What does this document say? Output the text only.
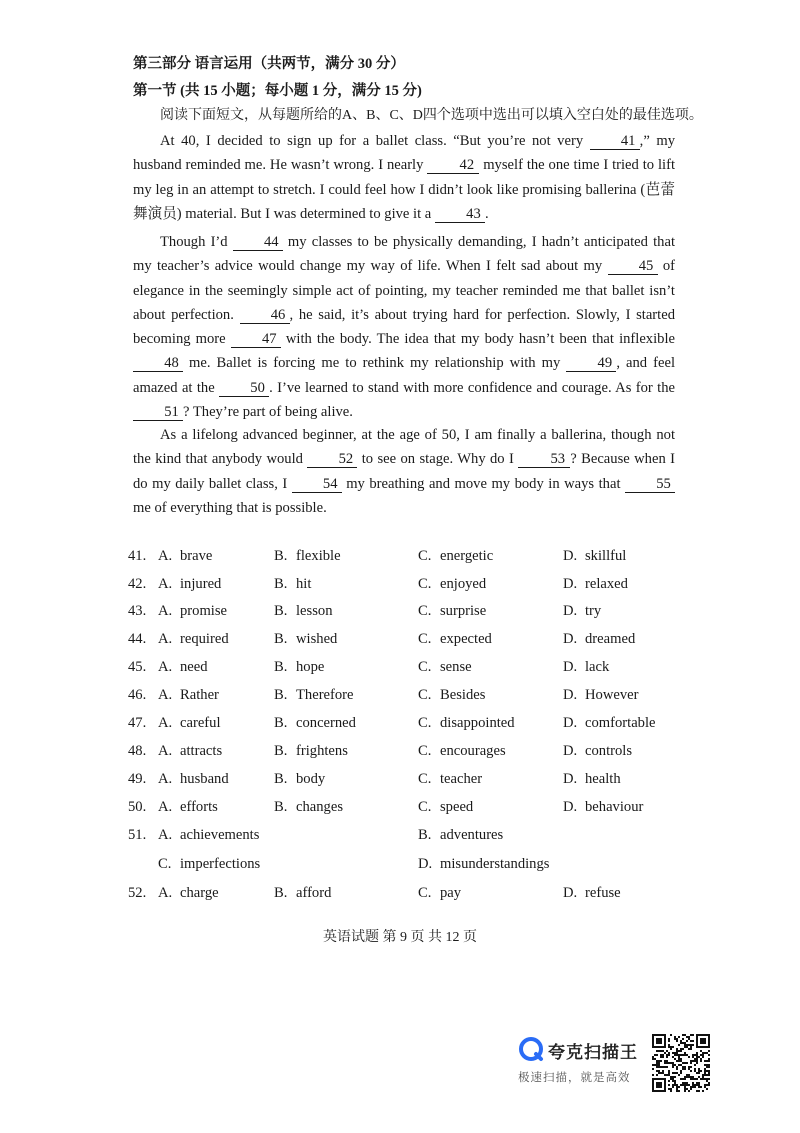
第三部分 语言运用（共两节，满分 30 分）
第一节 (共 15 小题；每小题 1 分，满分 15 分)
阅读下面短文，从每题所给的A、B、C、D四个选项中选出可以填入空白处的最佳选项。

At 40, I decided to sign up for a ballet class. “But you’re not very 41 ,” my husband reminded me. He wasn’t wrong. I nearly 42 myself the one time I tried to lift my leg in an attempt to stretch. I could feel how I didn’t look like promising ballerina (芭蕾舞演员) material. But I was determined to give it a 43 .

Though I’d 44 my classes to be physically demanding, I hadn’t anticipated that my teacher’s advice would change my way of life. When I felt sad about my 45 of elegance in the seemingly simple act of pointing, my teacher reminded me that ballet isn’t about perfection. 46 , he said, it’s about trying hard for perfection. Slowly, I started becoming more 47 with the body. The idea that my body hasn’t been that inflexible 48 me. Ballet is forcing me to rethink my relationship with my 49 , and feel amazed at the 50 . I’ve learned to stand with more confidence and courage. As for the 51 ? They’re part of being alive.

As a lifelong advanced beginner, at the age of 50, I am finally a ballerina, though not the kind that anybody would 52 to see on stage. Why do I 53 ? Because when I do my daily ballet class, I 54 my breathing and move my body in ways that 55 me of everything that is possible.

41. A. brave	B. flexible	C. energetic	D. skillful
42. A. injured	B. hit	C. enjoyed	D. relaxed
43. A. promise	B. lesson	C. surprise	D. try
44. A. required	B. wished	C. expected	D. dreamed
45. A. need	B. hope	C. sense	D. lack
46. A. Rather	B. Therefore	C. Besides	D. However
47. A. careful	B. concerned	C. disappointed	D. comfortable
48. A. attracts	B. frightens	C. encourages	D. controls
49. A. husband	B. body	C. teacher	D. health
50. A. efforts	B. changes	C. speed	D. behaviour
51. A. achievements	B. adventures
C. imperfections	D. misunderstandings
52. A. charge	B. afford	C. pay	D. refuse
英语试题 第 9 页 共 12 页
夸克扫描王
极速扫描，就是高效
